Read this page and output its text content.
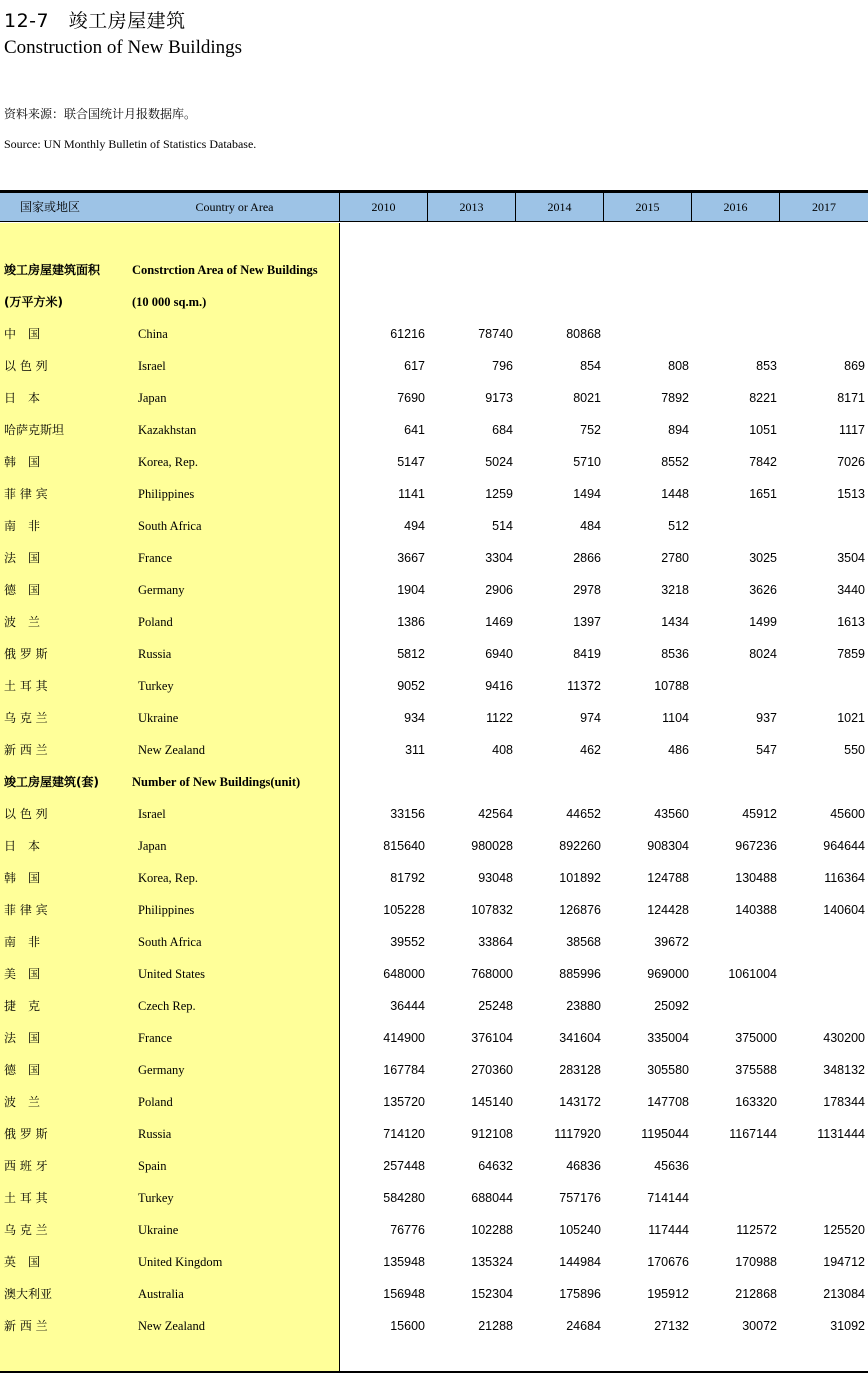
12-7　竣工房屋建筑
Construction of New Buildings
资料来源：联合国统计月报数据库。
Source: UN Monthly Bulletin of Statistics Database.
国家或地区	Country or Area	2010	2013	2014	2015	2016	2017
竣工房屋建筑面积	Constrction Area of New Buildings
(万平方米)	(10 000 sq.m.)
中　国	China	61216	78740	80868
以 色 列	Israel	617	796	854	808	853	869
日　本	Japan	7690	9173	8021	7892	8221	8171
哈萨克斯坦	Kazakhstan	641	684	752	894	1051	1117
韩　国	Korea, Rep.	5147	5024	5710	8552	7842	7026
菲 律 宾	Philippines	1141	1259	1494	1448	1651	1513
南　非	South Africa	494	514	484	512
法　国	France	3667	3304	2866	2780	3025	3504
德　国	Germany	1904	2906	2978	3218	3626	3440
波　兰	Poland	1386	1469	1397	1434	1499	1613
俄 罗 斯	Russia	5812	6940	8419	8536	8024	7859
土 耳 其	Turkey	9052	9416	11372	10788
乌 克 兰	Ukraine	934	1122	974	1104	937	1021
新 西 兰	New Zealand	311	408	462	486	547	550
竣工房屋建筑(套)	Number of New Buildings(unit)
以 色 列	Israel	33156	42564	44652	43560	45912	45600
日　本	Japan	815640	980028	892260	908304	967236	964644
韩　国	Korea, Rep.	81792	93048	101892	124788	130488	116364
菲 律 宾	Philippines	105228	107832	126876	124428	140388	140604
南　非	South Africa	39552	33864	38568	39672
美　国	United States	648000	768000	885996	969000	1061004
捷　克	Czech Rep.	36444	25248	23880	25092
法　国	France	414900	376104	341604	335004	375000	430200
德　国	Germany	167784	270360	283128	305580	375588	348132
波　兰	Poland	135720	145140	143172	147708	163320	178344
俄 罗 斯	Russia	714120	912108	1117920	1195044	1167144	1131444
西 班 牙	Spain	257448	64632	46836	45636
土 耳 其	Turkey	584280	688044	757176	714144
乌 克 兰	Ukraine	76776	102288	105240	117444	112572	125520
英　国	United Kingdom	135948	135324	144984	170676	170988	194712
澳大利亚	Australia	156948	152304	175896	195912	212868	213084
新 西 兰	New Zealand	15600	21288	24684	27132	30072	31092
